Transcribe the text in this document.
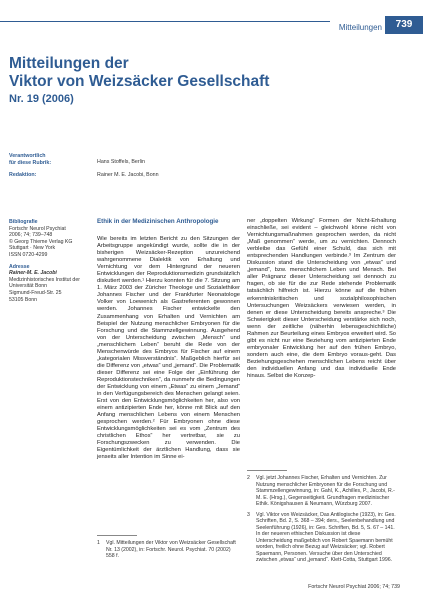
Mitteilungen	739
Mitteilungen der
Viktor von Weizsäcker Gesellschaft
Nr. 19 (2006)
Verantwortlich
für diese Rubrik:	Hans Stoffels, Berlin
Redaktion:	Rainer M. E. Jacobi, Bonn
Bibliografie
Fortschr Neurol Psychiat
2006; 74; 739–748
© Georg Thieme Verlag KG
Stuttgart · New York
ISSN 0720-4299
Adresse
Rainer-M. E. Jacobi
Medizinhistorisches Institut der
Universität Bonn
Sigmund-Freud-Str. 25
53105 Bonn
Ethik in der Medizinischen Anthropologie
Wie bereits im letzten Bericht zu den Sitzungen der Arbeitsgruppe angekündigt wurde, sollte die in der bisherigen Weizsäcker-Rezeption unzureichend wahrgenommene Dialektik von Erhaltung und Vernichtung vor dem Hintergrund der neueren Entwicklungen der Reproduktionsmedizin grundsätzlich diskutiert werden.¹ Hierzu konnten für die 7. Sitzung am 1. März 2003 der Züricher Theologe und Sozialethiker Johannes Fischer und der Frankfurter Neonatologe Volker von Loewenich als Gastreferenten gewonnen werden. Johannes Fischer entwickelte den Zusammenhang von Erhalten und Vernichten am Beispiel der Nutzung menschlicher Embryonen für die Forschung und die Stammzellgewinnung. Ausgehend von der Unterscheidung zwischen „Mensch“ und „menschlichem Leben“ beruht die Rede von der Menschenwürde des Embryos für Fischer auf einem „kategorialen Missverständnis“. Maßgeblich hierfür sei die Differenz von „etwas“ und „jemand“. Die Problematik dieser Differenz sei eine Folge der „Einführung der Reproduktionstechniken“, da nunmehr die Bedingungen der Entwicklung von einem „Etwas“ zu einem „Jemand“ in den Verfügungsbereich des Menschen gelangt seien. Erst von den Entwicklungsmöglichkeiten her, also von einem antizipierten Ende her, könne mit Blick auf den Anfang menschlichen Lebens von einem Menschen gesprochen werden.² Für Embryonen ohne diese Entwicklungsmöglichkeiten sei es vom „Zentrum des christlichen Ethos“ her vertretbar, sie zu Forschungszwecken zu verwenden. Die Eigentümlichkeit der ärztlichen Handlung, dass sie jenseits aller Intention im Sinne ei-
ner „doppelten Wirkung“ Formen der Nicht-Erhaltung einschließe, sei evident – gleichwohl könne nicht von Vernichtungsmaßnahmen gesprochen werden, da nicht „Maß genommen“ werde, um zu vernichten. Dennoch verbleibe das Gefühl einer Schuld, das sich mit entsprechenden Handlungen verbinde.³ Im Zentrum der Diskussion stand die Unterscheidung von „etwas“ und „jemand“, bzw. menschlichem Leben und Mensch. Bei aller Prägnanz dieser Unterscheidung sei dennoch zu fragen, ob sie für die zur Rede stehende Problematik tatsächlich hilfreich ist. Hierzu könne auf die frühen erkenntniskritischen und sozialphilosophischen Untersuchungen Weizsäckers verwiesen werden, in denen er diese Unterscheidung bereits anspreche.³ Die Schwierigkeit dieser Unterscheidung verstärke sich noch, wenn der zeitliche (näherhin lebensgeschichtliche) Rahmen zur Beurteilung eines Embryos erweitert wird. So gibt es nicht nur eine Beziehung vom antizipierten Ende embryonaler Entwicklung her auf den frühen Embryo, sondern auch eine, die dem Embryo voraus-geht. Das Beziehungsgeschehen menschlichen Lebens reicht über den individuellen Anfang und das individuelle Ende hinaus. Selbst die Konzep-
1	Vgl. Mitteilungen der Viktor von Weizsäcker Gesellschaft Nr. 13 (2002), in: Fortschr. Neurol. Psychiat. 70 (2002) 558 f.
2	Vgl. jetzt Johannes Fischer, Erhalten und Vernichten. Zur Nutzung menschlicher Embryonen für die Forschung und Stammzellengewinnung, in: Gahl, K., Achilles, P., Jacobi, R.-M. E. (Hrsg.), Gegenseitigkeit. Grundfragen medizinischer Ethik. Königshausen & Neumann, Würzburg 2007.
3	Vgl. Viktor von Weizsäcker, Das Antilogische (1923), in: Ges. Schriften, Bd. 2, S. 368 – 394; ders., Seelenbehandlung und Seelenführung (1926), in: Ges. Schriften, Bd. 5, S. 67 – 141. In der neueren ethischen Diskussion ist diese Unterscheidung maßgeblich von Robert Spaemann bemüht worden, freilich ohne Bezug auf Weizsäcker; vgl. Robert Spaemann, Personen. Versuche über den Unterschied zwischen „etwas“ und „jemand“. Klett-Cotta, Stuttgart 1996.
Fortschr Neurol Psychiat 2006; 74; 739
